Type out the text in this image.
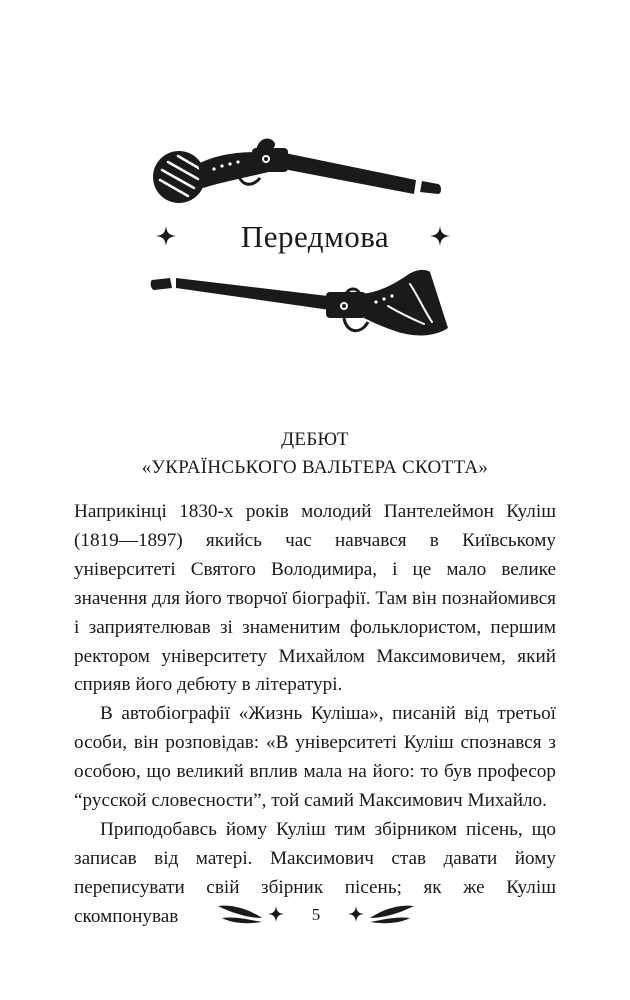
Передмова
ДЕБЮТ
«УКРАЇНСЬКОГО ВАЛЬТЕРА СКОТТА»

Наприкінці 1830-х років молодий Пантелеймон Куліш (1819—1897) якийсь час навчався в Київському університеті Святого Володимира, і це мало велике значення для його творчої біографії. Там він познайомився і заприятелював зі знаменитим фольклористом, першим ректором університету Михайлом Максимовичем, який сприяв його дебюту в літературі.

В автобіографії «Жизнь Куліша», писаній від третьої особи, він розповідав: «В університеті Куліш спознався з особою, що великий вплив мала на його: то був професор “русской словесности”, той самий Максимович Михайло.

Приподобавсь йому Куліш тим збірником пісень, що записав від матері. Максимович став давати йому переписувати свій збірник пісень; як же Куліш скомпонував	5
